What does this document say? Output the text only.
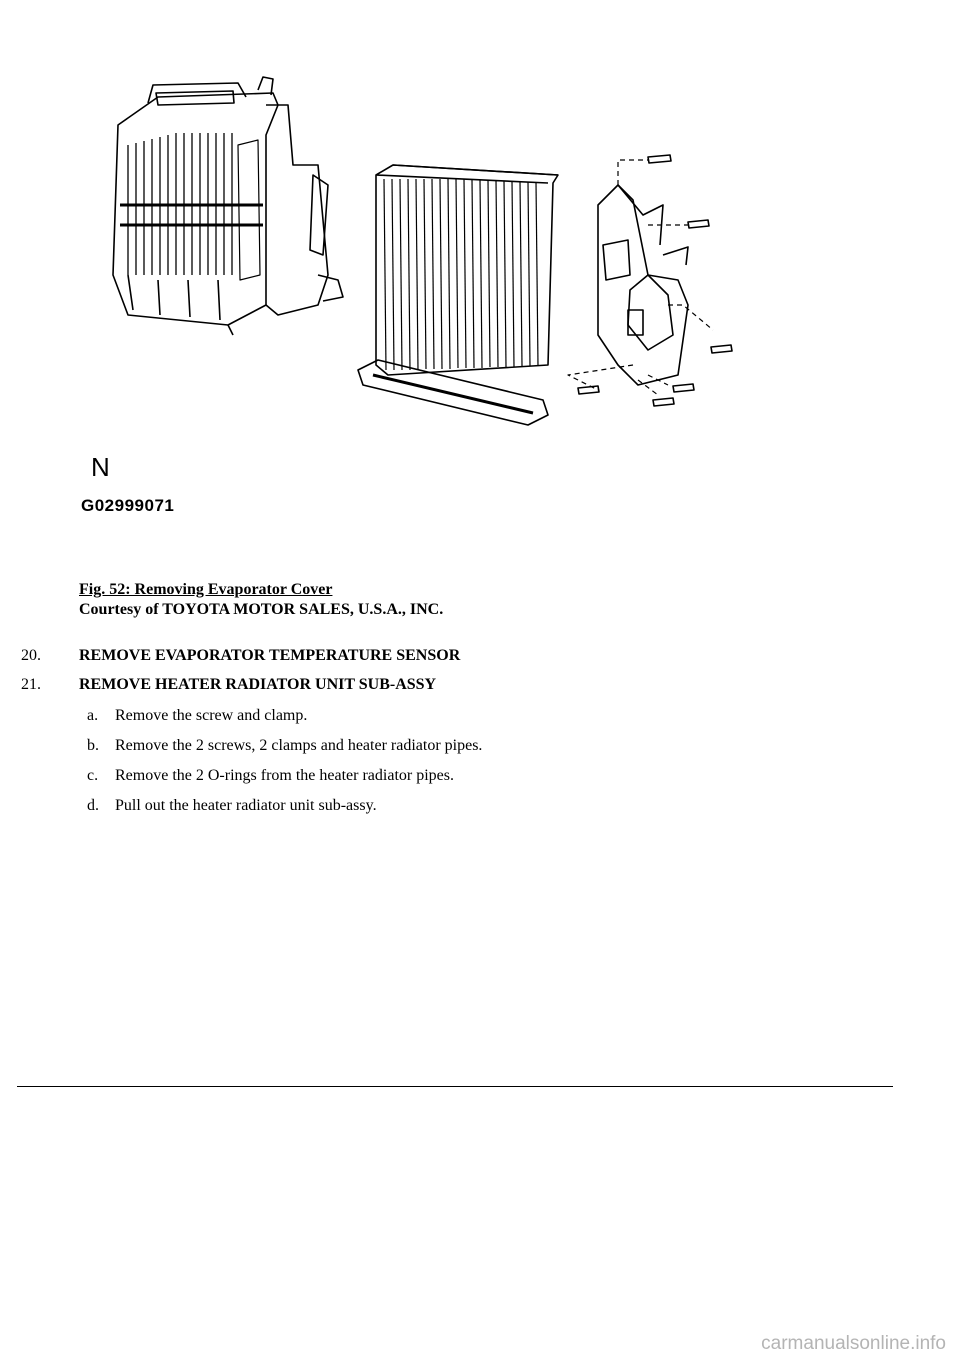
N
G02999071
Fig. 52: Removing Evaporator Cover
Courtesy of TOYOTA MOTOR SALES, U.S.A., INC.
20. REMOVE EVAPORATOR TEMPERATURE SENSOR
21. REMOVE HEATER RADIATOR UNIT SUB-ASSY
a. Remove the screw and clamp.
b. Remove the 2 screws, 2 clamps and heater radiator pipes.
c. Remove the 2 O-rings from the heater radiator pipes.
d. Pull out the heater radiator unit sub-assy.
carmanualsonline.info
